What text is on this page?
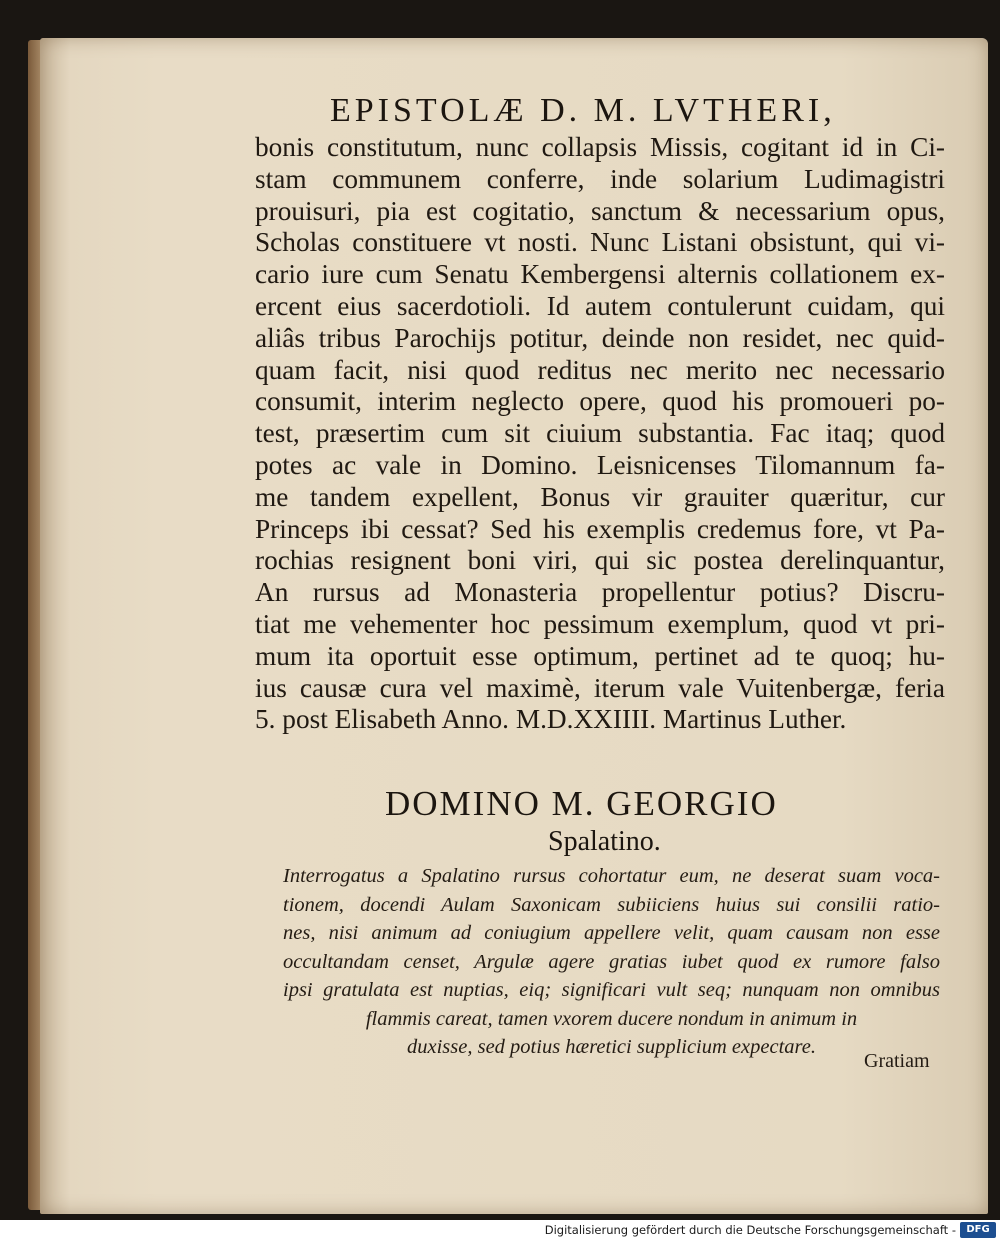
EPISTOLÆ D. M. LVTHERI,
bonis constitutum, nunc collapsis Missis, cogitant id in Ci-
stam communem conferre, inde solarium Ludimagistri
prouisuri, pia est cogitatio, sanctum & necessarium opus,
Scholas constituere vt nosti. Nunc Listani obsistunt, qui vi-
cario iure cum Senatu Kembergensi alternis collationem ex-
ercent eius sacerdotioli. Id autem contulerunt cuidam, qui
aliâs tribus Parochijs potitur, deinde non residet, nec quid-
quam facit, nisi quod reditus nec merito nec necessario
consumit, interim neglecto opere, quod his promoueri po-
test, præsertim cum sit ciuium substantia. Fac itaq; quod
potes ac vale in Domino. Leisnicenses Tilomannum fa-
me tandem expellent, Bonus vir grauiter quæritur, cur
Princeps ibi cessat? Sed his exemplis credemus fore, vt Pa-
rochias resignent boni viri, qui sic postea derelinquantur,
An rursus ad Monasteria propellentur potius? Discru-
tiat me vehementer hoc pessimum exemplum, quod vt pri-
mum ita oportuit esse optimum, pertinet ad te quoq; hu-
ius causæ cura vel maximè, iterum vale Vuitenbergæ, feria
5. post Elisabeth Anno. M.D.XXIIII. Martinus Luther.
DOMINO M. GEORGIO
Spalatino.
Interrogatus a Spalatino rursus cohortatur eum, ne deserat suam voca-
tionem, docendi Aulam Saxonicam subiiciens huius sui consilii ratio-
nes, nisi animum ad coniugium appellere velit, quam causam non esse
occultandam censet, Argulæ agere gratias iubet quod ex rumore falso
ipsi gratulata est nuptias, eiq; significari vult seq; nunquam non omnibus
flammis careat, tamen vxorem ducere nondum in animum in
duxisse, sed potius hæretici supplicium expectare.
Gratiam
Digitalisierung gefördert durch die Deutsche Forschungsgemeinschaft -	DFG
